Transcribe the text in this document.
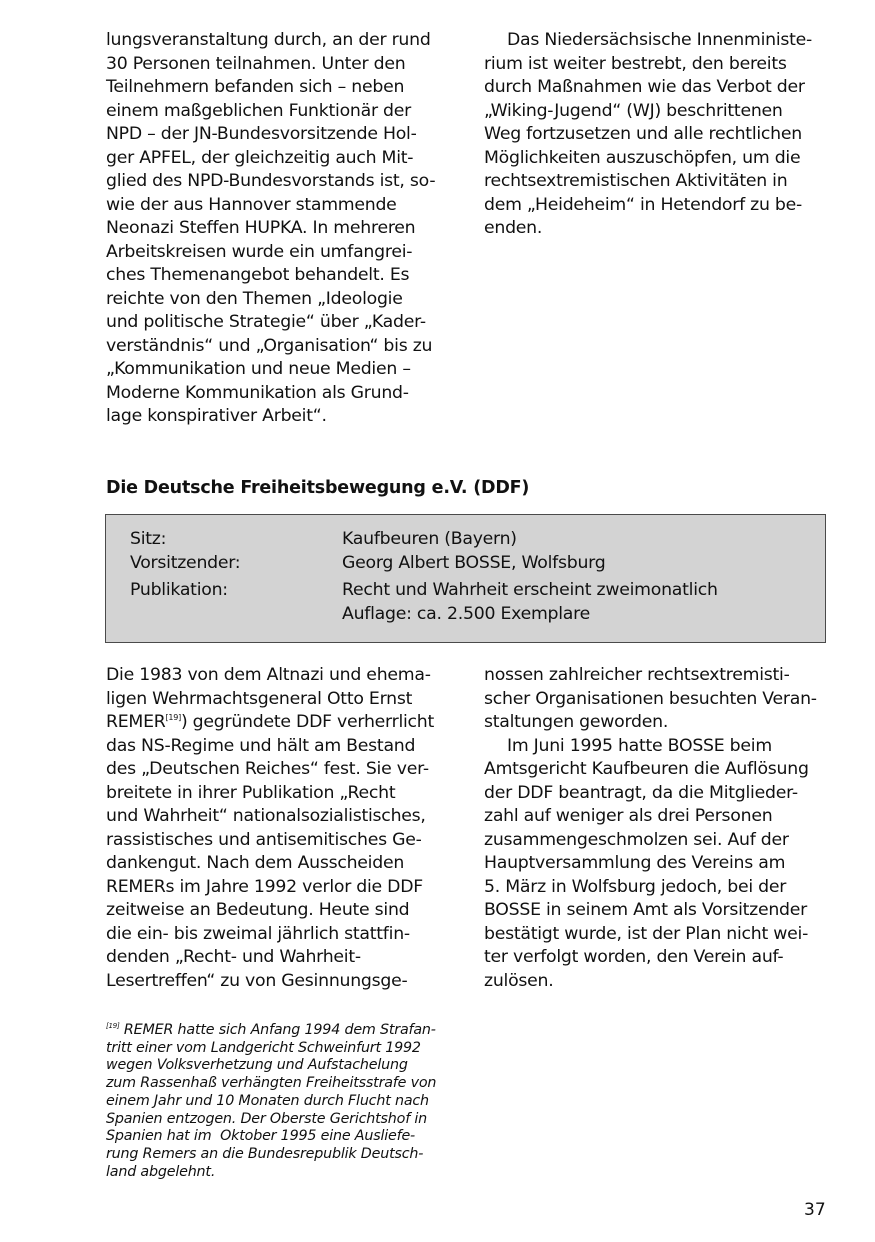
lungsveranstaltung durch, an der rund
30 Personen teilnahmen. Unter den
Teilnehmern befanden sich – neben
einem maßgeblichen Funktionär der
NPD – der JN-Bundesvorsitzende Hol-
ger APFEL, der gleichzeitig auch Mit-
glied des NPD-Bundesvorstands ist, so-
wie der aus Hannover stammende
Neonazi Steffen HUPKA. In mehreren
Arbeitskreisen wurde ein umfangrei-
ches Themenangebot behandelt. Es
reichte von den Themen „Ideologie
und politische Strategie“ über „Kader-
verständnis“ und „Organisation“ bis zu
„Kommunikation und neue Medien –
Moderne Kommunikation als Grund-
lage konspirativer Arbeit“.
Das Niedersächsische Innenministe-
rium ist weiter bestrebt, den bereits
durch Maßnahmen wie das Verbot der
„Wiking-Jugend“ (WJ) beschrittenen
Weg fortzusetzen und alle rechtlichen
Möglichkeiten auszuschöpfen, um die
rechtsextremistischen Aktivitäten in
dem „Heideheim“ in Hetendorf zu be-
enden.
Die Deutsche Freiheitsbewegung e.V. (DDF)
Sitz:	Kaufbeuren (Bayern)
Vorsitzender:	Georg Albert BOSSE, Wolfsburg
Publikation:	Recht und Wahrheit erscheint zweimonatlich
Auflage: ca. 2.500 Exemplare
Die 1983 von dem Altnazi und ehema-
ligen Wehrmachtsgeneral Otto Ernst
REMER[19]) gegründete DDF verherrlicht
das NS-Regime und hält am Bestand
des „Deutschen Reiches“ fest. Sie ver-
breitete in ihrer Publikation „Recht
und Wahrheit“ nationalsozialistisches,
rassistisches und antisemitisches Ge-
dankengut. Nach dem Ausscheiden
REMERs im Jahre 1992 verlor die DDF
zeitweise an Bedeutung. Heute sind
die ein- bis zweimal jährlich stattfin-
denden „Recht- und Wahrheit-
Lesertreffen“ zu von Gesinnungsge-
nossen zahlreicher rechtsextremisti-
scher Organisationen besuchten Veran-
staltungen geworden.
Im Juni 1995 hatte BOSSE beim
Amtsgericht Kaufbeuren die Auflösung
der DDF beantragt, da die Mitglieder-
zahl auf weniger als drei Personen
zusammengeschmolzen sei. Auf der
Hauptversammlung des Vereins am
5. März in Wolfsburg jedoch, bei der
BOSSE in seinem Amt als Vorsitzender
bestätigt wurde, ist der Plan nicht wei-
ter verfolgt worden, den Verein auf-
zulösen.
[19] REMER hatte sich Anfang 1994 dem Strafan-
tritt einer vom Landgericht Schweinfurt 1992
wegen Volksverhetzung und Aufstachelung
zum Rassenhaß verhängten Freiheitsstrafe von
einem Jahr und 10 Monaten durch Flucht nach
Spanien entzogen. Der Oberste Gerichtshof in
Spanien hat im  Oktober 1995 eine Ausliefe-
rung Remers an die Bundesrepublik Deutsch-
land abgelehnt.
37
